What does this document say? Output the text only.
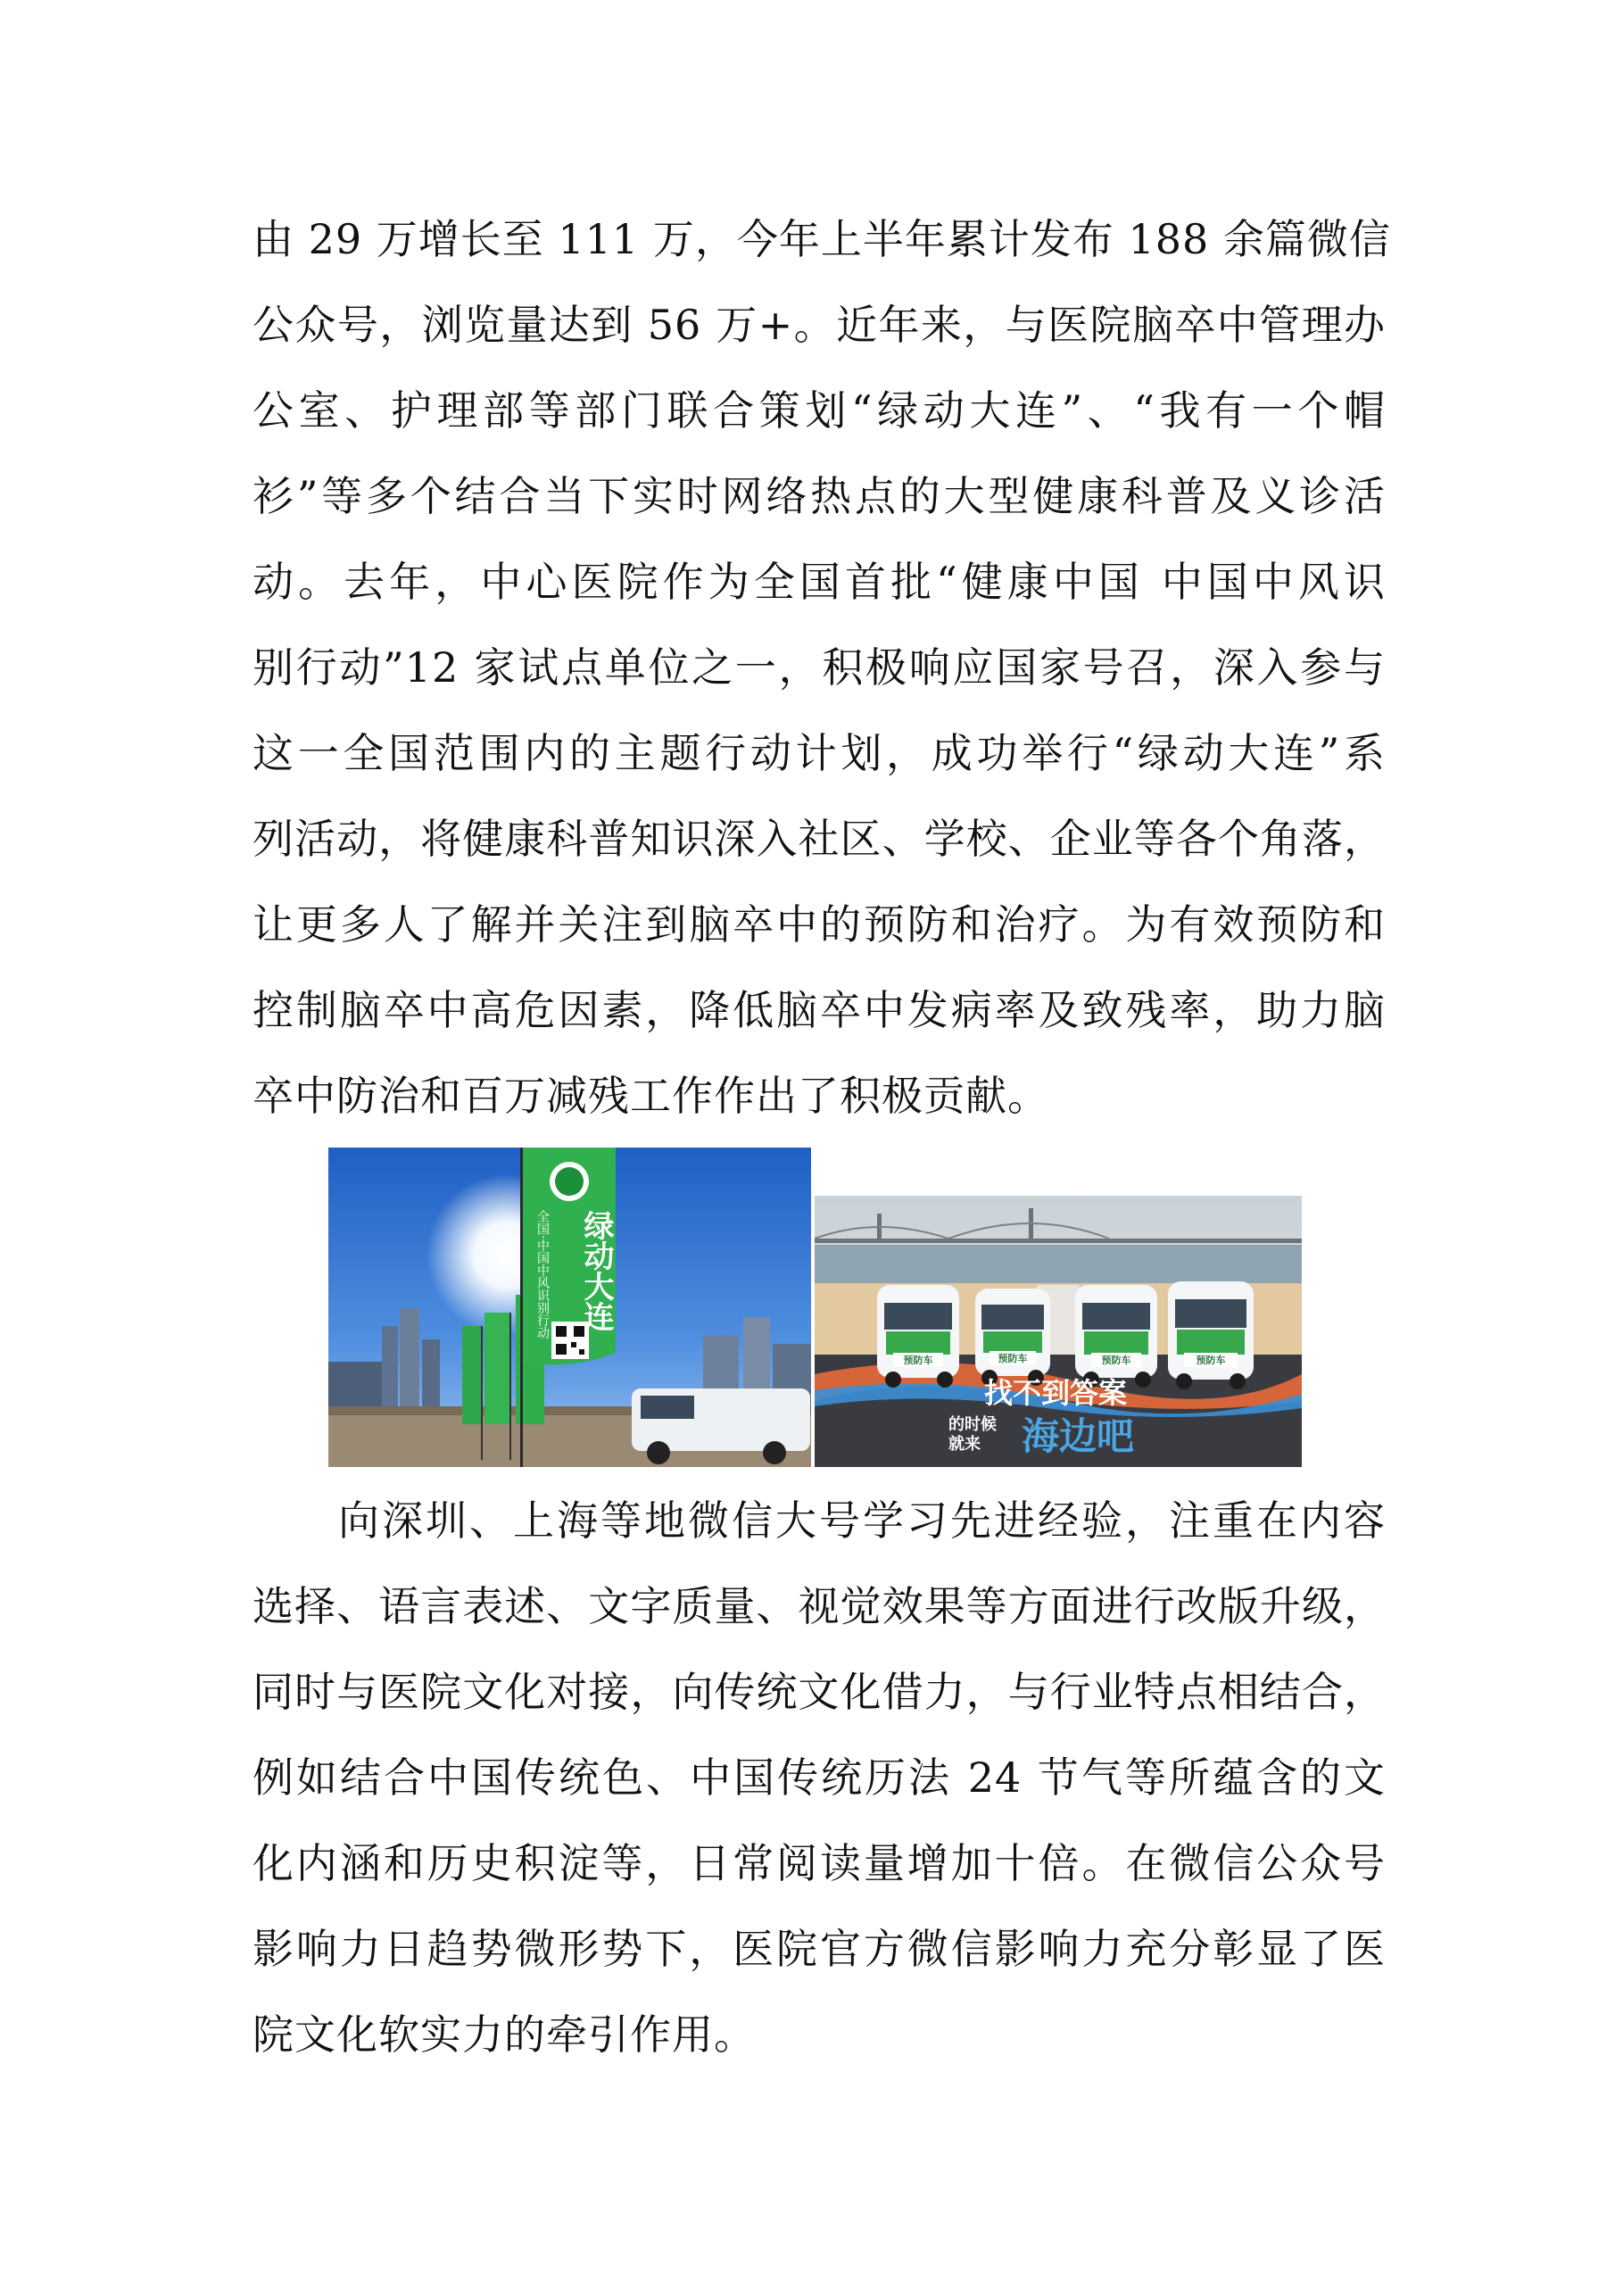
由 29 万增长至 111 万，今年上半年累计发布 188 余篇微信
公众号，浏览量达到 56 万+。近年来，与医院脑卒中管理办
公室、护理部等部门联合策划“绿动大连”、“我有一个帽
衫”等多个结合当下实时网络热点的大型健康科普及义诊活
动。去年，中心医院作为全国首批“健康中国 中国中风识
别行动”12 家试点单位之一，积极响应国家号召，深入参与
这一全国范围内的主题行动计划，成功举行“绿动大连”系
列活动，将健康科普知识深入社区、学校、企业等各个角落，
让更多人了解并关注到脑卒中的预防和治疗。为有效预防和
控制脑卒中高危因素，降低脑卒中发病率及致残率，助力脑
卒中防治和百万减残工作作出了积极贡献。
绿动大连
全国·中国中风识别行动
预防车	预防车	预防车	预防车
找不到答案
的时候
就来 海边吧
向深圳、上海等地微信大号学习先进经验，注重在内容
选择、语言表述、文字质量、视觉效果等方面进行改版升级，
同时与医院文化对接，向传统文化借力，与行业特点相结合，
例如结合中国传统色、中国传统历法 24 节气等所蕴含的文
化内涵和历史积淀等，日常阅读量增加十倍。在微信公众号
影响力日趋势微形势下，医院官方微信影响力充分彰显了医
院文化软实力的牵引作用。
